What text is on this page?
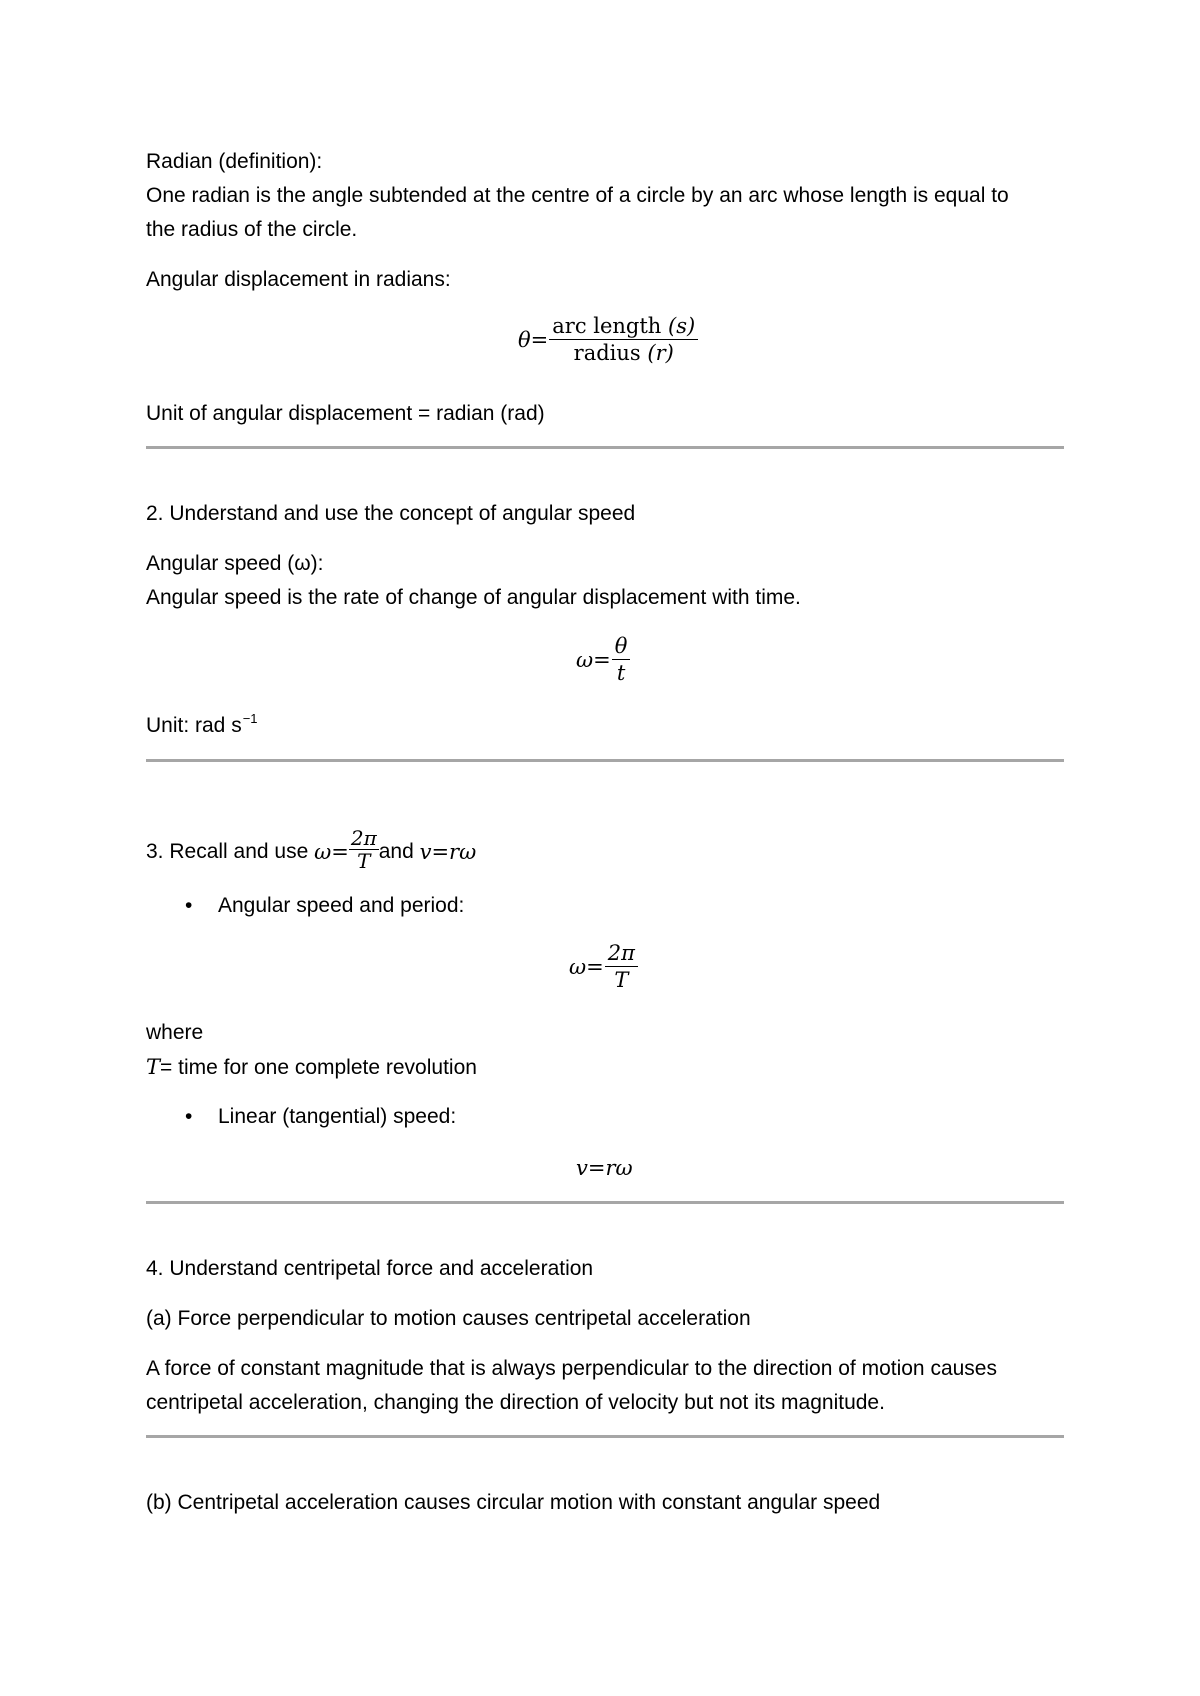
Radian (definition):
One radian is the angle subtended at the centre of a circle by an arc whose length is equal to
the radius of the circle.
Angular displacement in radians:
$\theta = \frac{\text{arc length (s)}}{\text{radius (r)}}$
Unit of angular displacement = radian (rad)
2. Understand and use the concept of angular speed
Angular speed (ω):
Angular speed is the rate of change of angular displacement with time.
$\omega = \frac{\theta}{t}$
Unit: rad $s^{-1}$
3. Recall and use $\omega = \frac{2\pi}{T}$ and v=rω
• Angular speed and period:
$\omega = \frac{2\pi}{T}$
where
T= time for one complete revolution
• Linear (tangential) speed:
v=rω
4. Understand centripetal force and acceleration
(a) Force perpendicular to motion causes centripetal acceleration
A force of constant magnitude that is always perpendicular to the direction of motion causes
centripetal acceleration, changing the direction of velocity but not its magnitude.
(b) Centripetal acceleration causes circular motion with constant angular speed
